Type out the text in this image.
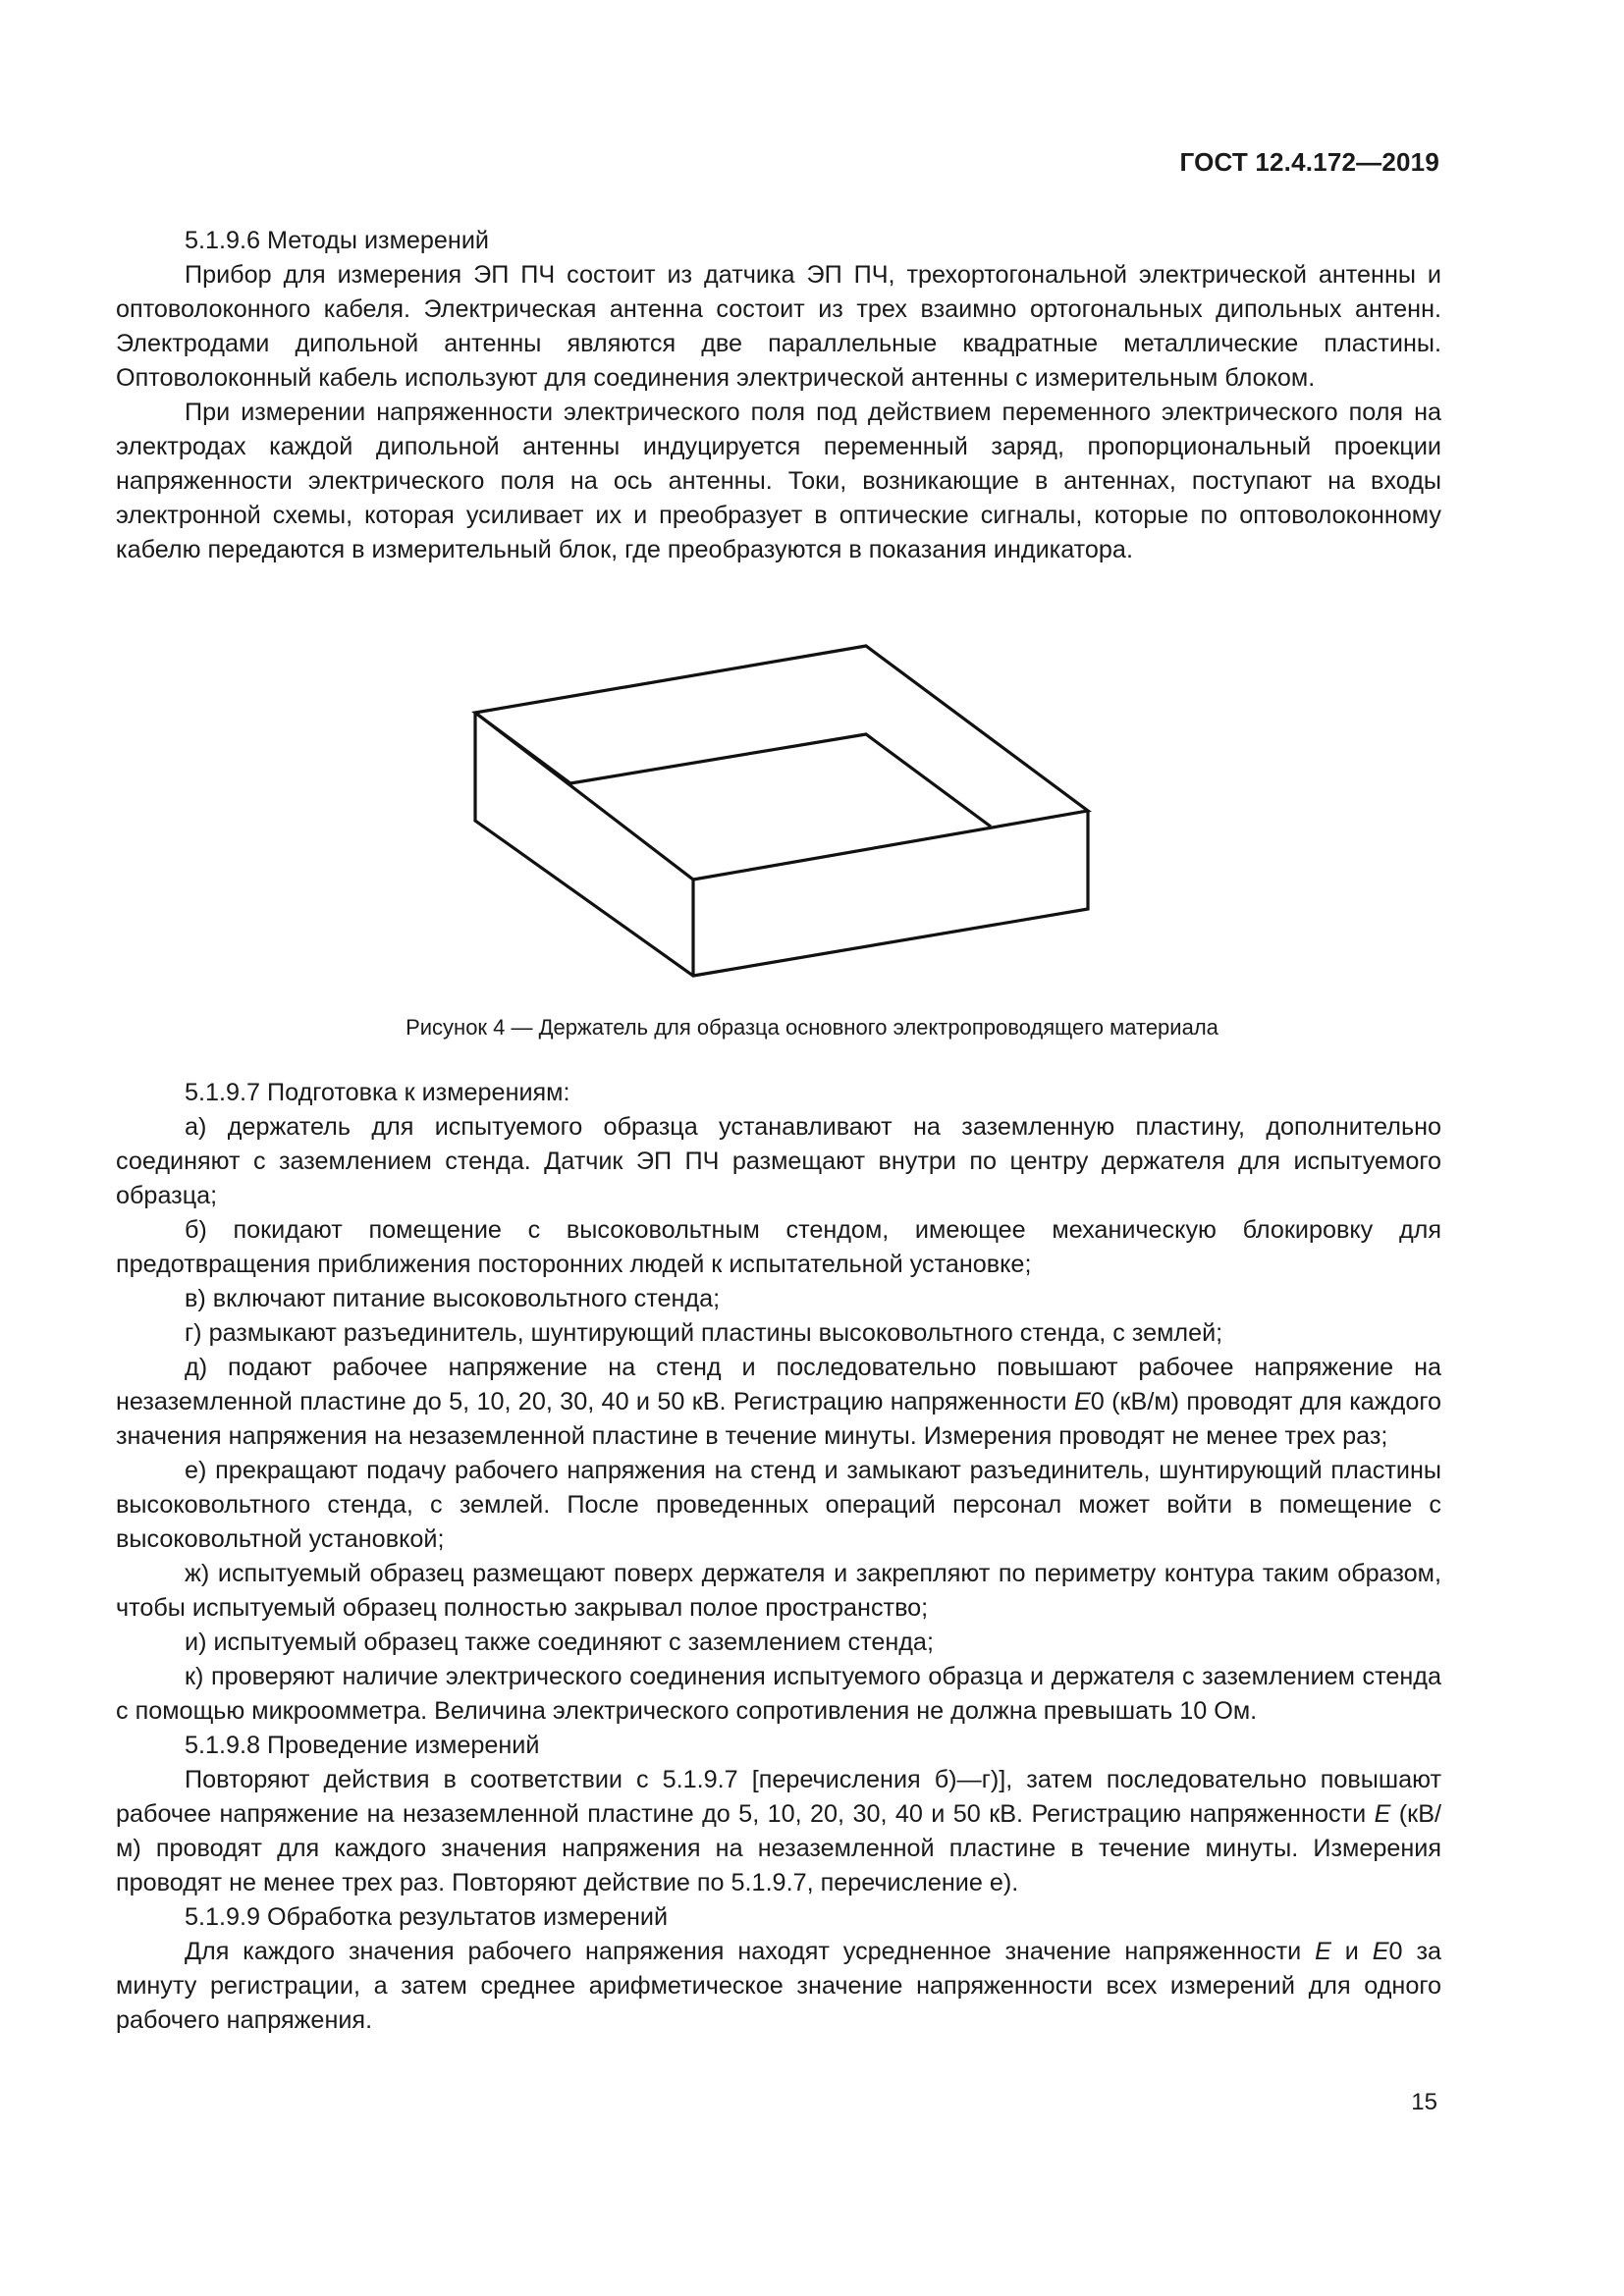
ГОСТ 12.4.172—2019

5.1.9.6 Методы измерений

Прибор для измерения ЭП ПЧ состоит из датчика ЭП ПЧ, трехортогональной электрической антенны и оптоволоконного кабеля. Электрическая антенна состоит из трех взаимно ортогональных дипольных антенн. Электродами дипольной антенны являются две параллельные квадратные металлические пластины. Оптоволоконный кабель используют для соединения электрической антенны с измерительным блоком.

При измерении напряженности электрического поля под действием переменного электрического поля на электродах каждой дипольной антенны индуцируется переменный заряд, пропорциональный проекции напряженности электрического поля на ось антенны. Токи, возникающие в антеннах, поступают на входы электронной схемы, которая усиливает их и преобразует в оптические сигналы, которые по оптоволоконному кабелю передаются в измерительный блок, где преобразуются в показания индикатора.

Рисунок 4 — Держатель для образца основного электропроводящего материала

5.1.9.7 Подготовка к измерениям:

а) держатель для испытуемого образца устанавливают на заземленную пластину, дополнительно соединяют с заземлением стенда. Датчик ЭП ПЧ размещают внутри по центру держателя для испытуемого образца;

б) покидают помещение с высоковольтным стендом, имеющее механическую блокировку для предотвращения приближения посторонних людей к испытательной установке;

в) включают питание высоковольтного стенда;

г) размыкают разъединитель, шунтирующий пластины высоковольтного стенда, с землей;

д) подают рабочее напряжение на стенд и последовательно повышают рабочее напряжение на незаземленной пластине до 5, 10, 20, 30, 40 и 50 кВ. Регистрацию напряженности E0 (кВ/м) проводят для каждого значения напряжения на незаземленной пластине в течение минуты. Измерения проводят не менее трех раз;

е) прекращают подачу рабочего напряжения на стенд и замыкают разъединитель, шунтирующий пластины высоковольтного стенда, с землей. После проведенных операций персонал может войти в помещение с высоковольтной установкой;

ж) испытуемый образец размещают поверх держателя и закрепляют по периметру контура таким образом, чтобы испытуемый образец полностью закрывал полое пространство;

и) испытуемый образец также соединяют с заземлением стенда;

к) проверяют наличие электрического соединения испытуемого образца и держателя с заземлением стенда с помощью микроомметра. Величина электрического сопротивления не должна превышать 10 Ом.

5.1.9.8 Проведение измерений

Повторяют действия в соответствии с 5.1.9.7 [перечисления б)—г)], затем последовательно повышают рабочее напряжение на незаземленной пластине до 5, 10, 20, 30, 40 и 50 кВ. Регистрацию напряженности E (кВ/м) проводят для каждого значения напряжения на незаземленной пластине в течение минуты. Измерения проводят не менее трех раз. Повторяют действие по 5.1.9.7, перечисление е).

5.1.9.9 Обработка результатов измерений

Для каждого значения рабочего напряжения находят усредненное значение напряженности E и E0 за минуту регистрации, а затем среднее арифметическое значение напряженности всех измерений для одного рабочего напряжения.

15
